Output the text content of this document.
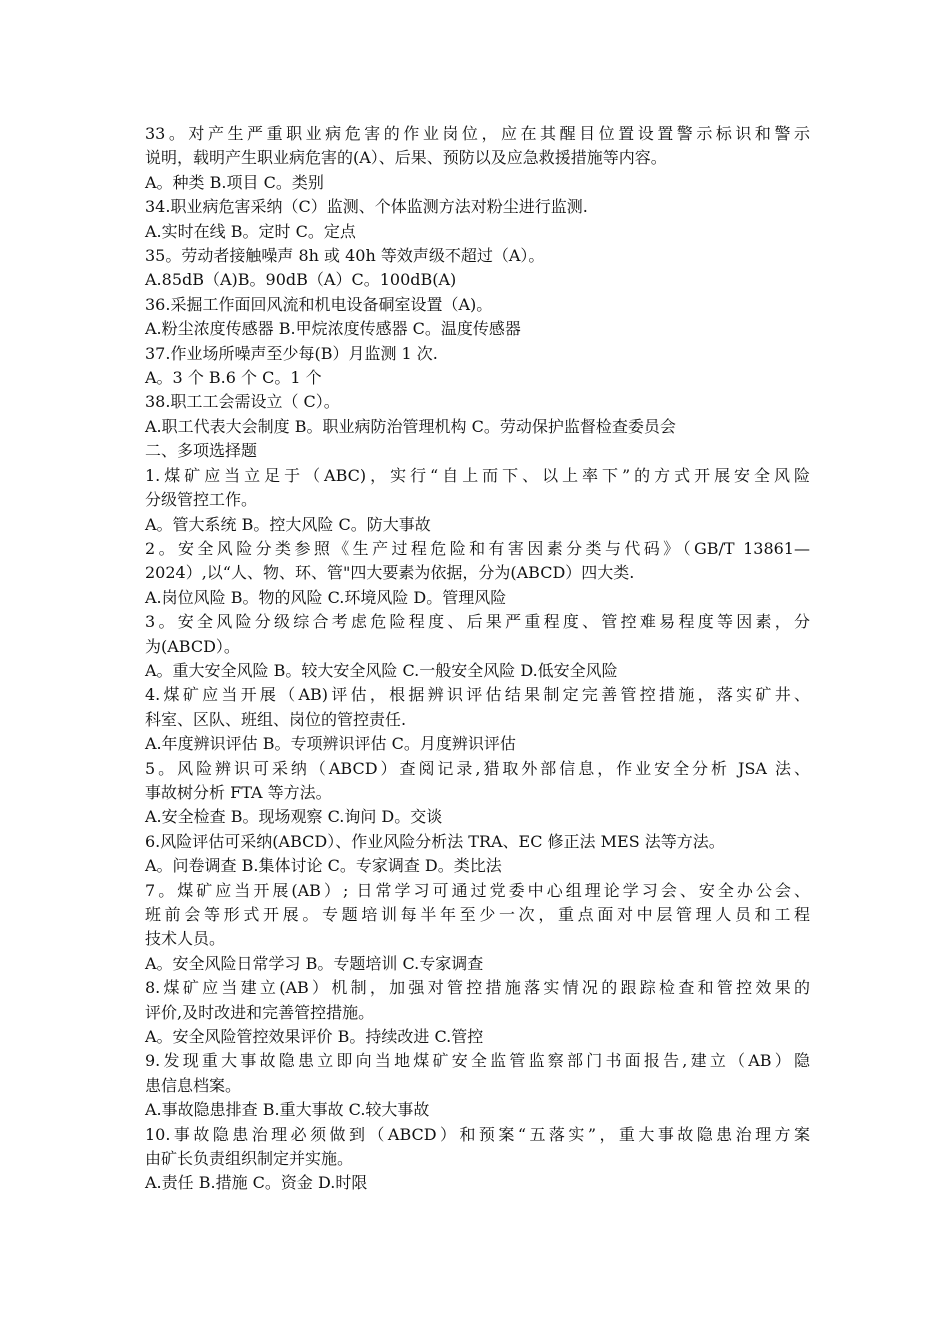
33。对产生严重职业病危害的作业岗位，应在其醒目位置设置警示标识和警示
说明，载明产生职业病危害的(A）、后果、预防以及应急救援措施等内容。
A。种类 B.项目 C。类别
34.职业病危害采纳（C）监测、个体监测方法对粉尘进行监测.
A.实时在线 B。定时 C。定点
35。劳动者接触噪声 8h 或 40h 等效声级不超过（A）。
A.85dB（A)B。90dB（A）C。100dB(A)
36.采掘工作面回风流和机电设备硐室设置（A)。
A.粉尘浓度传感器 B.甲烷浓度传感器 C。温度传感器
37.作业场所噪声至少每(B）月监测 1 次.
A。3 个 B.6 个 C。1 个
38.职工工会需设立（ C）。
A.职工代表大会制度 B。职业病防治管理机构 C。劳动保护监督检查委员会
二、多项选择题
1.煤矿应当立足于（ABC)，实行“自上而下、以上率下”的方式开展安全风险
分级管控工作。
A。管大系统 B。控大风险 C。防大事故
2。安全风险分类参照《生产过程危险和有害因素分类与代码》（GB/T 13861—
2024）,以“人、物、环、管"四大要素为依据，分为(ABCD）四大类.
A.岗位风险 B。物的风险 C.环境风险 D。管理风险
3。安全风险分级综合考虑危险程度、后果严重程度、管控难易程度等因素，分
为(ABCD）。
A。重大安全风险 B。较大安全风险 C.一般安全风险 D.低安全风险
4.煤矿应当开展（AB)评估，根据辨识评估结果制定完善管控措施，落实矿井、
科室、区队、班组、岗位的管控责任.
A.年度辨识评估 B。专项辨识评估 C。月度辨识评估
5。风险辨识可采纳（ABCD）查阅记录,猎取外部信息，作业安全分析 JSA 法、
事故树分析 FTA 等方法。
A.安全检查 B。现场观察 C.询问 D。交谈
6.风险评估可采纳(ABCD）、作业风险分析法 TRA、EC 修正法 MES 法等方法。
A。问卷调查 B.集体讨论 C。专家调查 D。类比法
7。煤矿应当开展(AB）; 日常学习可通过党委中心组理论学习会、安全办公会、
班前会等形式开展。专题培训每半年至少一次，重点面对中层管理人员和工程
技术人员。
A。安全风险日常学习 B。专题培训 C.专家调查
8.煤矿应当建立(AB）机制，加强对管控措施落实情况的跟踪检查和管控效果的
评价,及时改进和完善管控措施。
A。安全风险管控效果评价 B。持续改进 C.管控
9.发现重大事故隐患立即向当地煤矿安全监管监察部门书面报告,建立（AB）隐
患信息档案。
A.事故隐患排查 B.重大事故 C.较大事故
10.事故隐患治理必须做到（ABCD）和预案“五落实”，重大事故隐患治理方案
由矿长负责组织制定并实施。
A.责任 B.措施 C。资金 D.时限
